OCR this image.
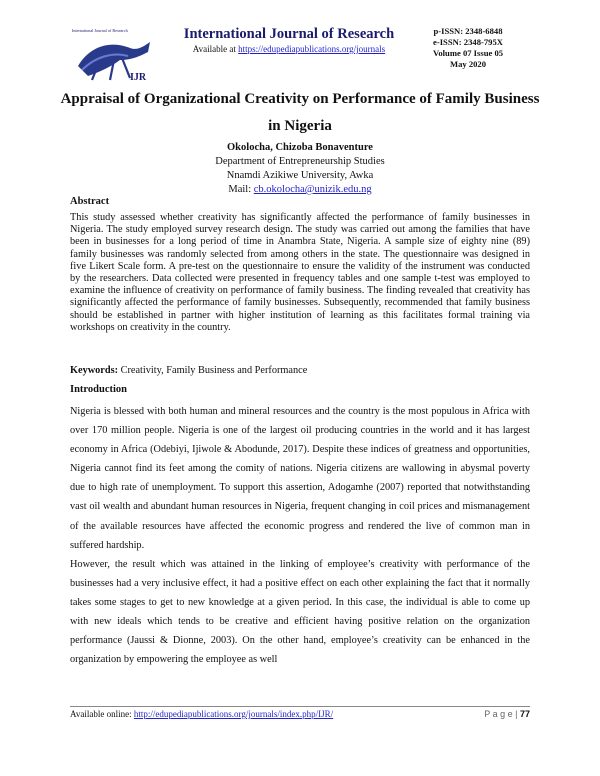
International Journal of Research
IJR
International Journal of Research
Available at https://edupediapublications.org/journals
p-ISSN: 2348-6848
e-ISSN: 2348-795X
Volume 07 Issue 05
May 2020
Appraisal of Organizational Creativity on Performance of Family Business in Nigeria
Okolocha, Chizoba Bonaventure
Department of Entrepreneurship Studies
Nnamdi Azikiwe University, Awka
Mail: cb.okolocha@unizik.edu.ng
Abstract
This study assessed whether creativity has significantly affected the performance of family businesses in Nigeria. The study employed survey research design. The study was carried out among the families that have been in businesses for a long period of time in Anambra State, Nigeria. A sample size of eighty nine (89) family businesses was randomly selected from among others in the state. The questionnaire was designed in five Likert Scale form. A pre-test on the questionnaire to ensure the validity of the instrument was conducted by the researchers. Data collected were presented in frequency tables and one sample t-test was employed to examine the influence of creativity on performance of family business. The finding revealed that creativity has significantly affected the performance of family businesses. Subsequently, recommended that family business should be established in partner with higher institution of learning as this facilitates formal training via workshops on creativity in the country.
Keywords: Creativity, Family Business and Performance
Introduction

Nigeria is blessed with both human and mineral resources and the country is the most populous in Africa with over 170 million people. Nigeria is one of the largest oil producing countries in the world and it has largest economy in Africa (Odebiyi, Ijiwole & Abodunde, 2017). Despite these indices of greatness and opportunities, Nigeria cannot find its feet among the comity of nations. Nigeria citizens are wallowing in abysmal poverty due to high rate of unemployment. To support this assertion, Adogamhe (2007) reported that notwithstanding vast oil wealth and abundant human resources in Nigeria, frequent changing in coil prices and mismanagement of the available resources have affected the economic progress and rendered the live of common man in suffered hardship.

However, the result which was attained in the linking of employee’s creativity with performance of the businesses had a very inclusive effect, it had a positive effect on each other explaining the fact that it normally takes some stages to get to new knowledge at a given period. In this case, the individual is able to come up with new ideals which tends to be creative and efficient having positive relation on the organization performance (Jaussi & Dionne, 2003). On the other hand, employee’s creativity can be enhanced in the organization by empowering the employee as well

Available online: http://edupediapublications.org/journals/index.php/IJR/	P a g e | 77
